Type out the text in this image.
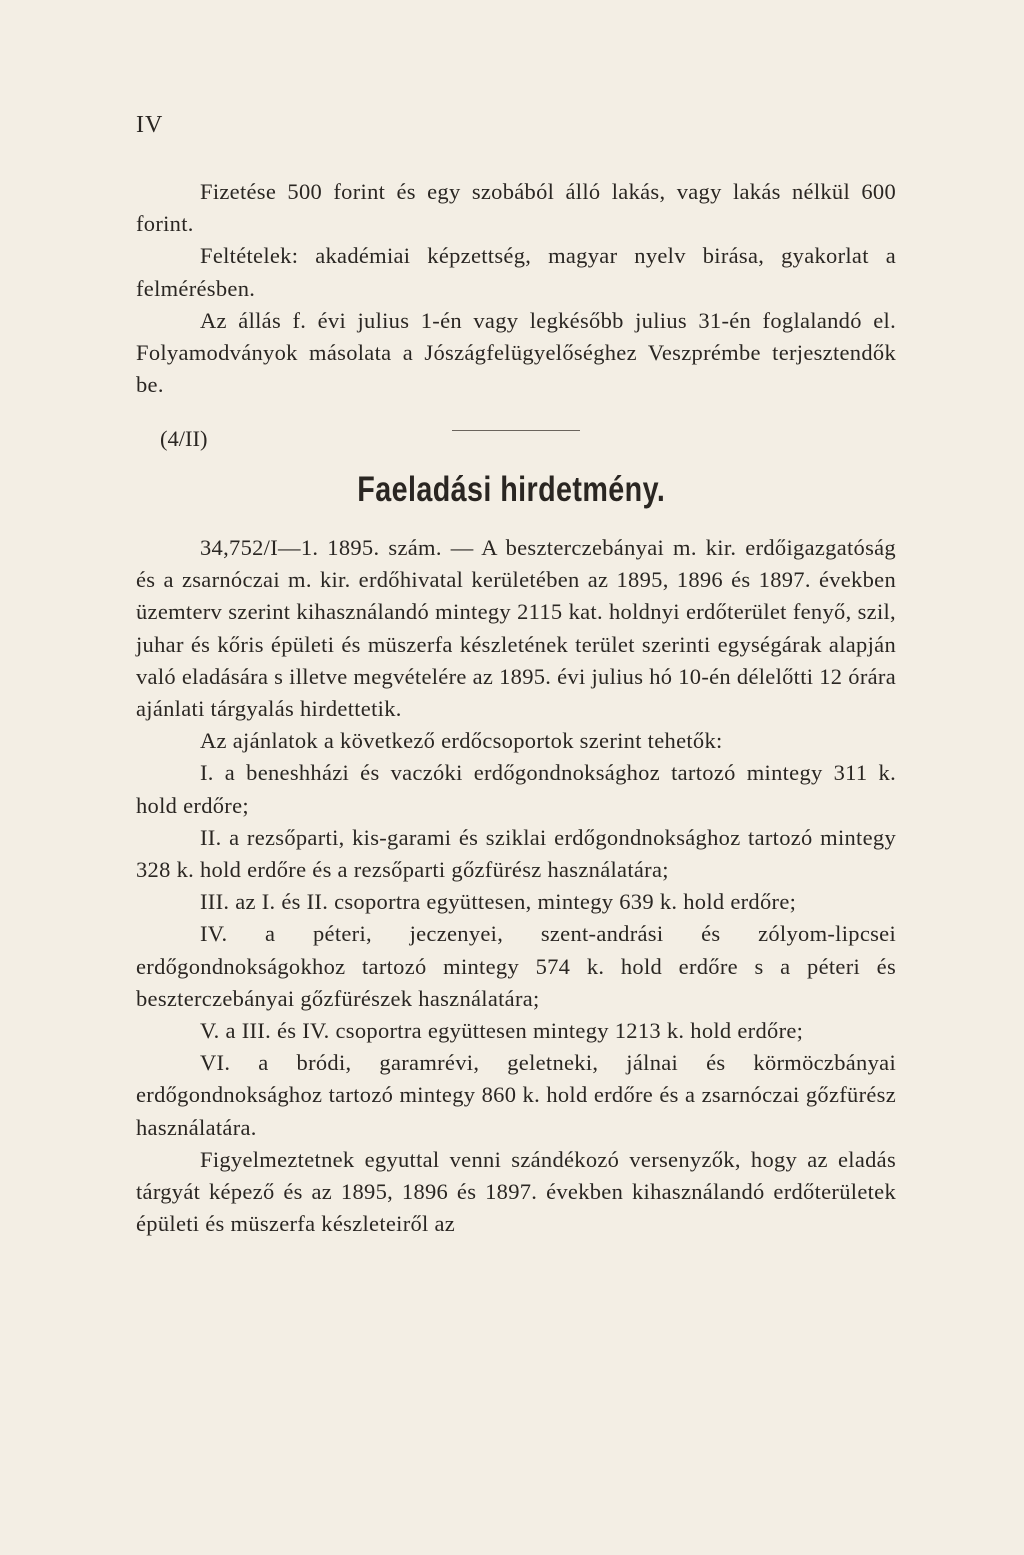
IV

Fizetése 500 forint és egy szobából álló lakás, vagy lakás nélkül 600 forint.

Feltételek: akadémiai képzettség, magyar nyelv birása, gyakorlat a felmérésben.

Az állás f. évi julius 1-én vagy legkésőbb julius 31-én foglalandó el. Folyamodványok másolata a Jószágfelügyelőséghez Veszprémbe terjesztendők be.

(4/II)
Faeladási hirdetmény.

34,752/I—1. 1895. szám. — A beszterczebányai m. kir. erdőigazgatóság és a zsarnóczai m. kir. erdőhivatal kerületében az 1895, 1896 és 1897. években üzemterv szerint kihasználandó mintegy 2115 kat. holdnyi erdőterület fenyő, szil, juhar és kőris épületi és müszerfa készletének terület szerinti egységárak alapján való eladására s illetve megvételére az 1895. évi julius hó 10-én délelőtti 12 órára ajánlati tárgyalás hirdettetik.

Az ajánlatok a következő erdőcsoportok szerint tehetők:

I. a beneshházi és vaczóki erdőgondnoksághoz tartozó mintegy 311 k. hold erdőre;

II. a rezsőparti, kis-garami és sziklai erdőgondnoksághoz tartozó mintegy 328 k. hold erdőre és a rezsőparti gőzfürész használatára;

III. az I. és II. csoportra együttesen, mintegy 639 k. hold erdőre;

IV. a péteri, jeczenyei, szent-andrási és zólyom-lipcsei erdőgondnokságokhoz tartozó mintegy 574 k. hold erdőre s a péteri és beszterczebányai gőzfürészek használatára;

V. a III. és IV. csoportra együttesen mintegy 1213 k. hold erdőre;

VI. a bródi, garamrévi, geletneki, jálnai és körmöczbányai erdőgondnoksághoz tartozó mintegy 860 k. hold erdőre és a zsarnóczai gőzfürész használatára.

Figyelmeztetnek egyuttal venni szándékozó versenyzők, hogy az eladás tárgyát képező és az 1895, 1896 és 1897. években kihasználandó erdőterületek épületi és müszerfa készleteiről az
